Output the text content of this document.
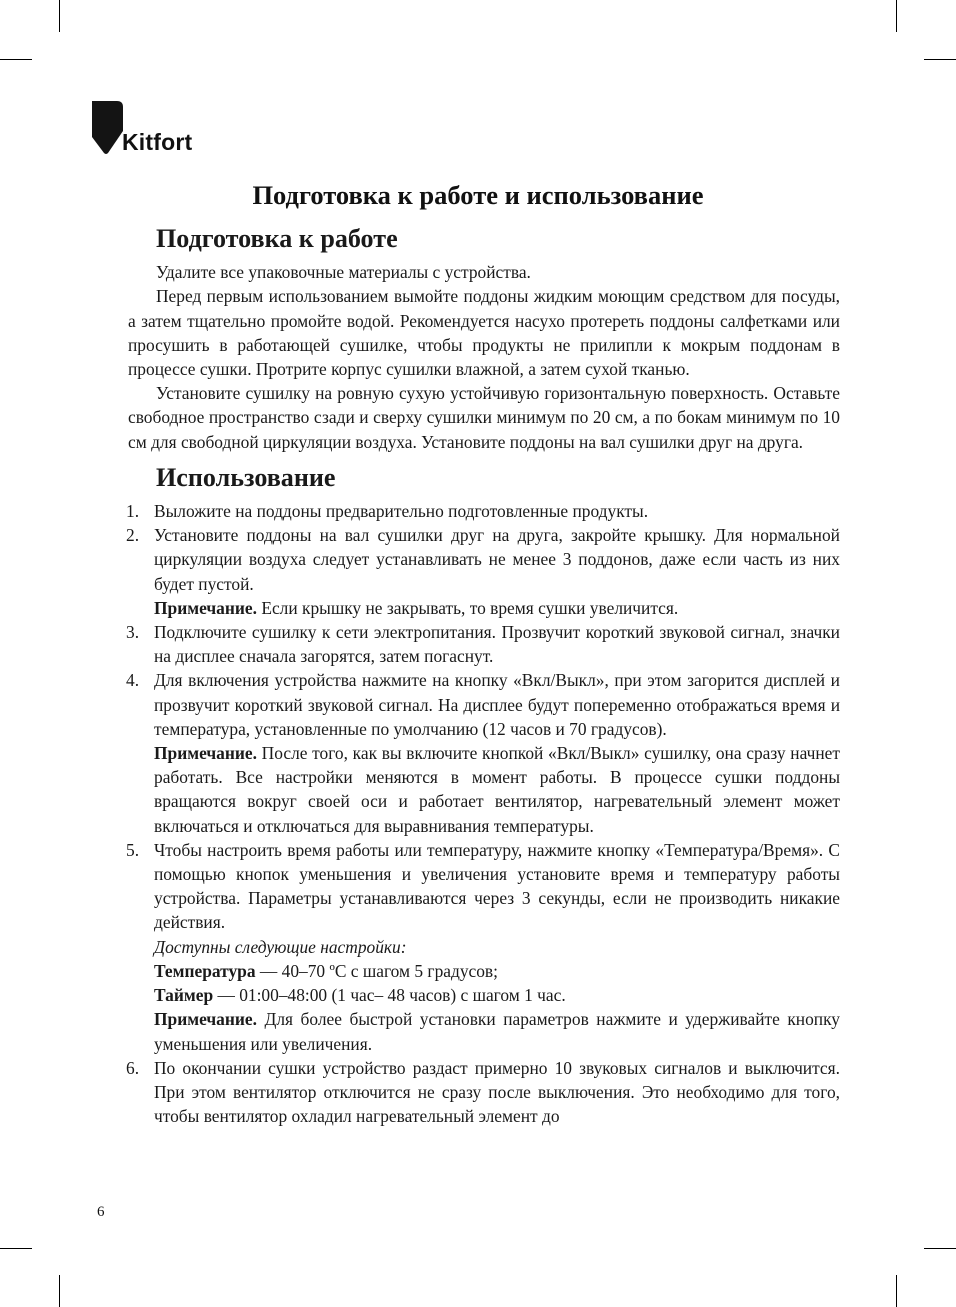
Kitfort
Подготовка к работе и использование
Подготовка к работе

Удалите все упаковочные материалы с устройства.

Перед первым использованием вымойте поддоны жидким моющим средством для посуды, а затем тщательно промойте водой. Рекомендуется насухо протереть поддоны салфетками или просушить в работающей сушилке, чтобы продукты не прилипли к мокрым поддонам в процессе сушки. Протрите корпус сушилки влажной, а затем сухой тканью.

Установите сушилку на ровную сухую устойчивую горизонтальную поверхность. Оставьте свободное пространство сзади и сверху сушилки минимум по 20 см, а по бокам минимум по 10 см для свободной циркуляции воздуха. Установите поддоны на вал сушилки друг на друга.

Использование
1. Выложите на поддоны предварительно подготовленные продукты.

2. Установите поддоны на вал сушилки друг на друга, закройте крышку. Для нормальной циркуляции воздуха следует устанавливать не менее 3 поддонов, даже если часть из них будет пустой.

Примечание. Если крышку не закрывать, то время сушки увеличится.

3. Подключите сушилку к сети электропитания. Прозвучит короткий звуковой сигнал, значки на дисплее сначала загорятся, затем погаснут.

4. Для включения устройства нажмите на кнопку «Вкл/Выкл», при этом загорится дисплей и прозвучит короткий звуковой сигнал. На дисплее будут попеременно отображаться время и температура, установленные по умолчанию (12 часов и 70 градусов).

Примечание. После того, как вы включите кнопкой «Вкл/Выкл» сушилку, она сразу начнет работать. Все настройки меняются в момент работы. В процессе сушки поддоны вращаются вокруг своей оси и работает вентилятор, нагревательный элемент может включаться и отключаться для выравнивания температуры.

5. Чтобы настроить время работы или температуру, нажмите кнопку «Температура/Время». С помощью кнопок уменьшения и увеличения установите время и температуру работы устройства. Параметры устанавливаются через 3 секунды, если не производить никакие действия.

Доступны следующие настройки:

Температура — 40–70 ºС с шагом 5 градусов;

Таймер — 01:00–48:00 (1 час– 48 часов) с шагом 1 час.

Примечание. Для более быстрой установки параметров нажмите и удерживайте кнопку уменьшения или увеличения.

6. По окончании сушки устройство раздаст примерно 10 звуковых сигналов и выключится. При этом вентилятор отключится не сразу после выключения. Это необходимо для того, чтобы вентилятор охладил нагревательный элемент до

6
